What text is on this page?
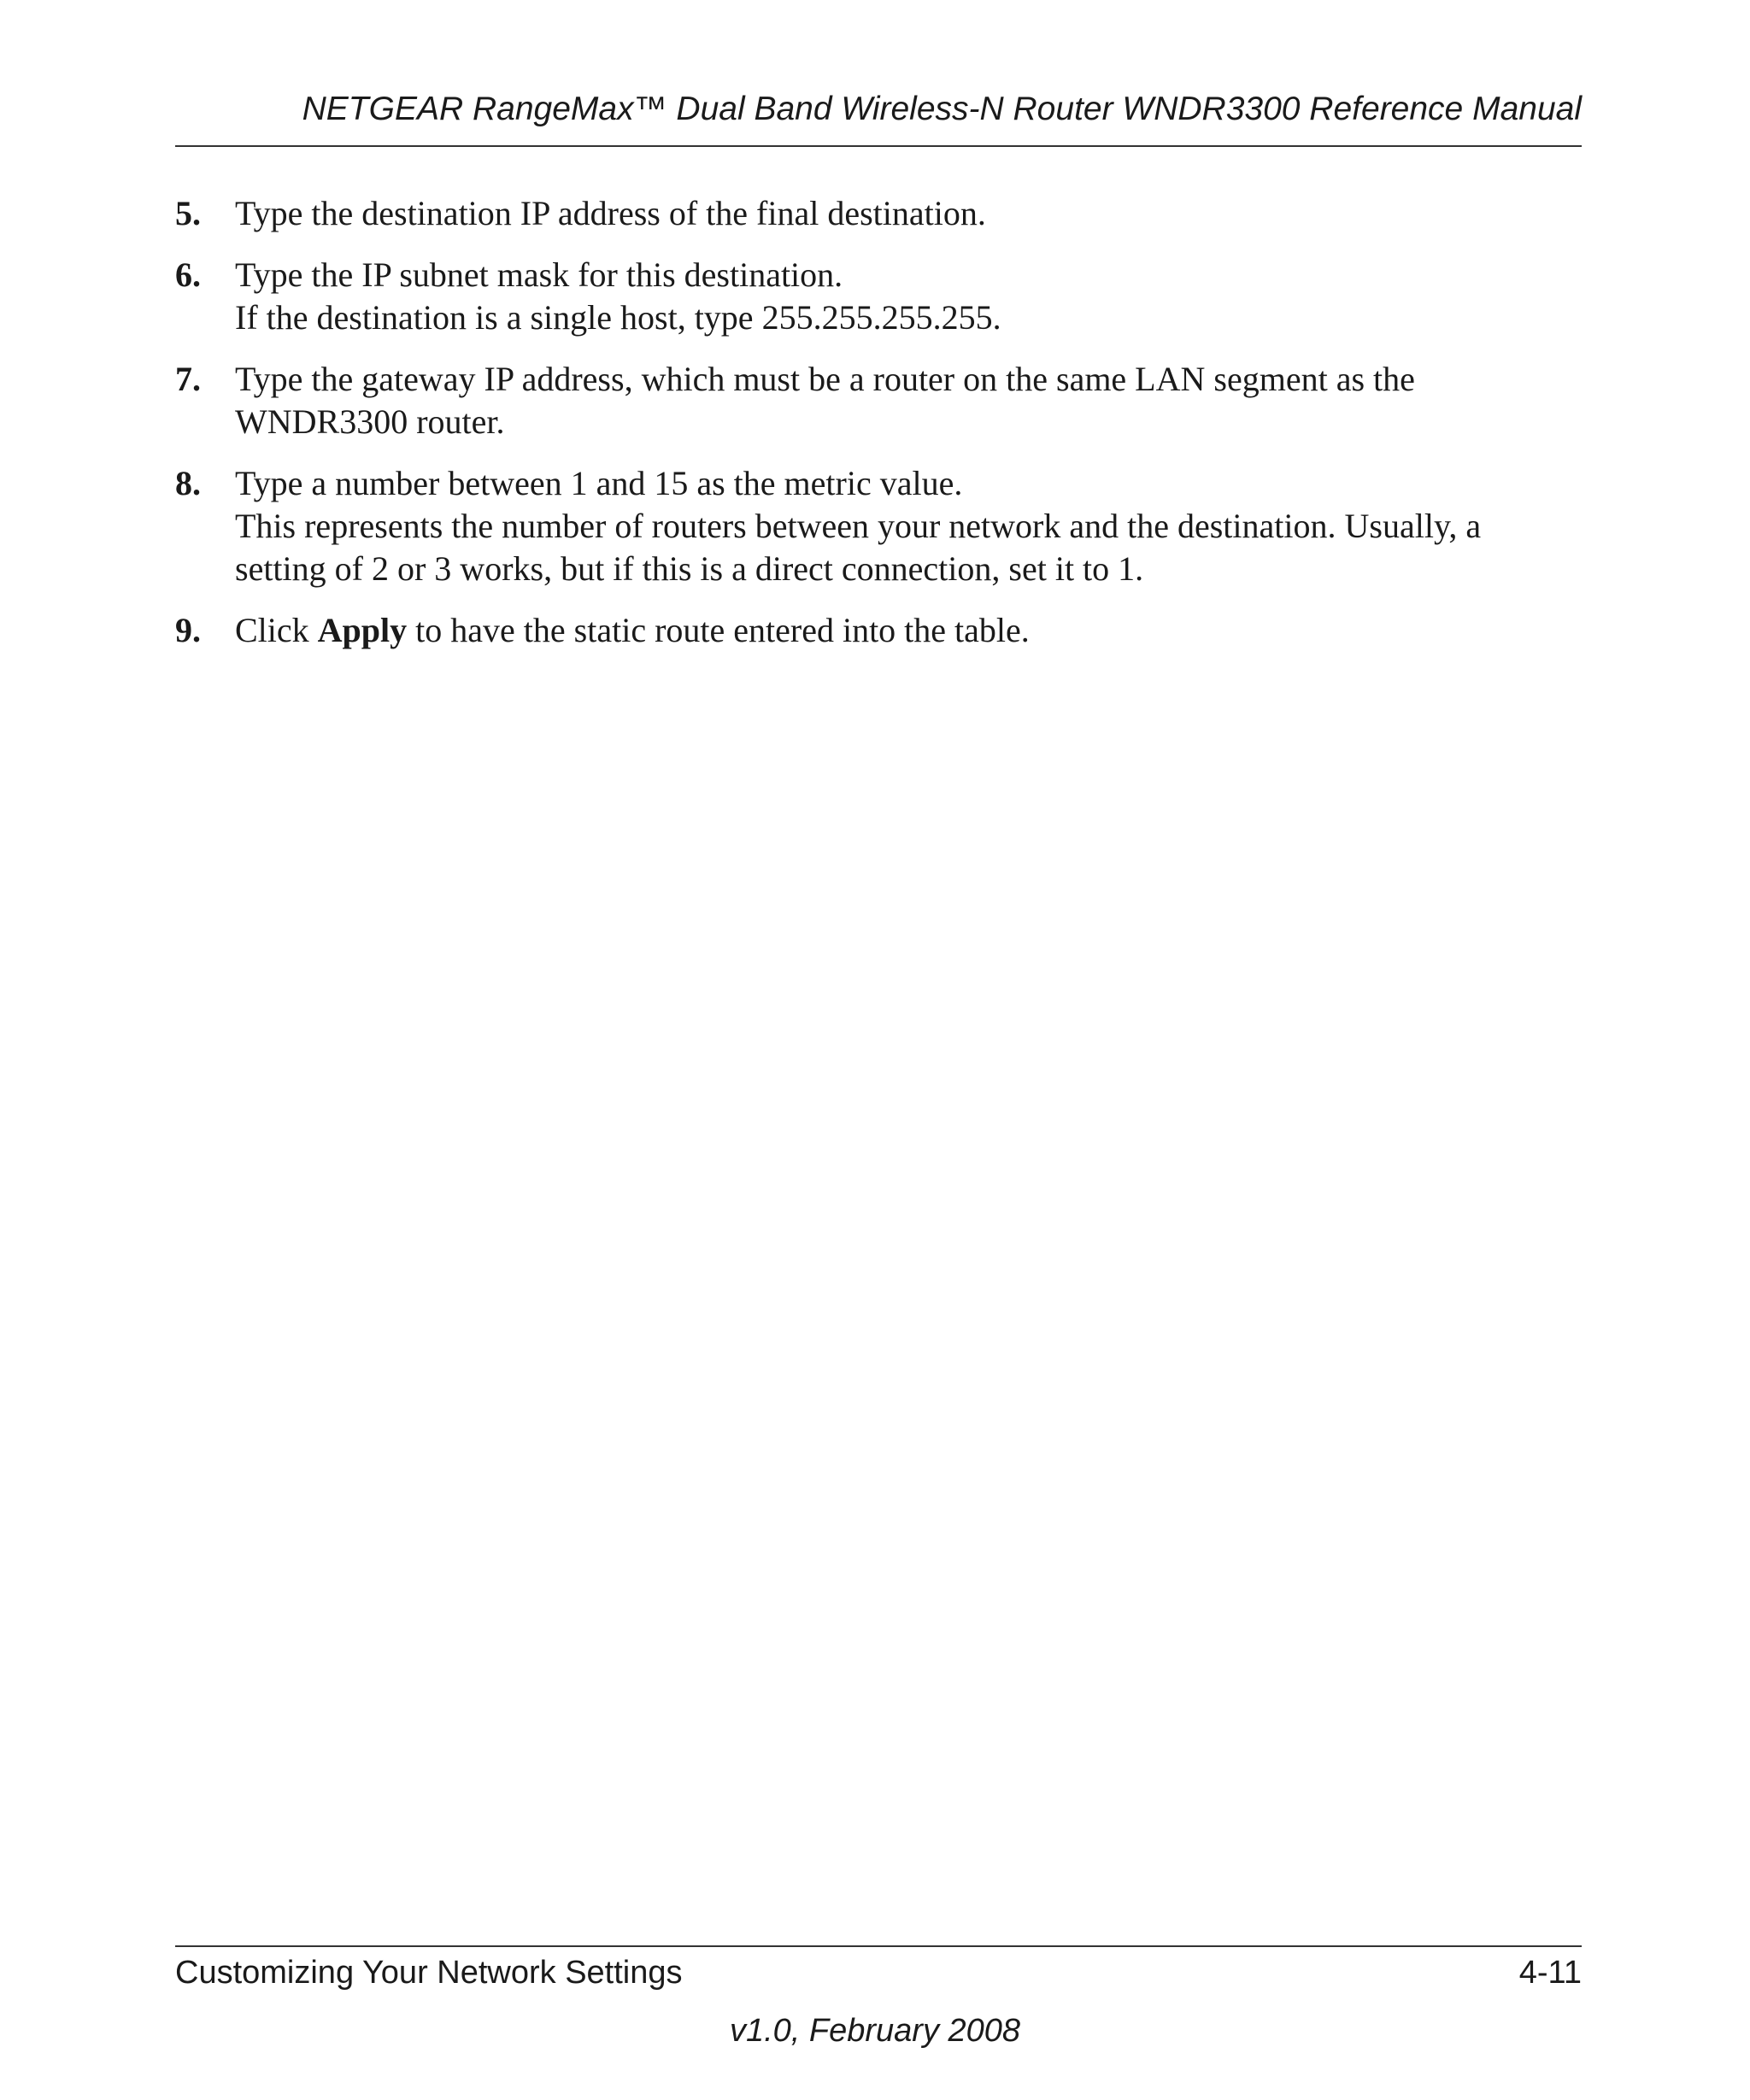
NETGEAR RangeMax™ Dual Band Wireless-N Router WNDR3300 Reference Manual
5. Type the destination IP address of the final destination.
6. Type the IP subnet mask for this destination.
If the destination is a single host, type 255.255.255.255.
7. Type the gateway IP address, which must be a router on the same LAN segment as the
WNDR3300 router.
8. Type a number between 1 and 15 as the metric value.
This represents the number of routers between your network and the destination. Usually, a
setting of 2 or 3 works, but if this is a direct connection, set it to 1.
9. Click Apply to have the static route entered into the table.
Customizing Your Network Settings	4-11
v1.0, February 2008
